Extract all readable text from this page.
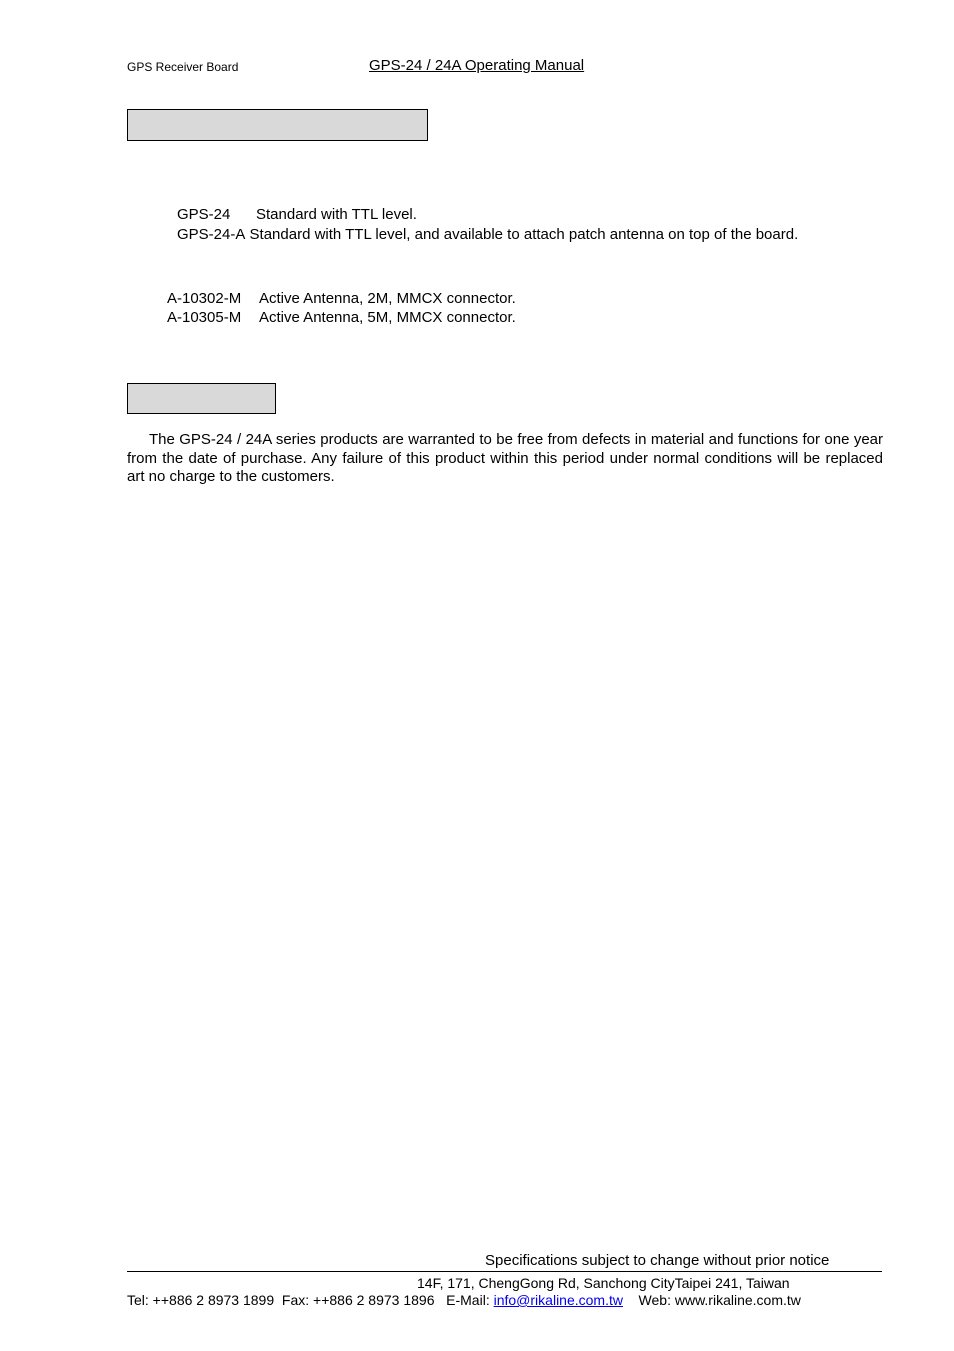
GPS Receiver Board	GPS-24 / 24A Operating Manual
GPS-24 Standard with TTL level.
GPS-24-A Standard with TTL level, and available to attach patch antenna on top of the board.
A-10302-M Active Antenna, 2M, MMCX connector.
A-10305-M Active Antenna, 5M, MMCX connector.
The GPS-24 / 24A series products are warranted to be free from defects in material and functions for one year from the date of purchase. Any failure of this product within this period under normal conditions will be replaced art no charge to the customers.
Specifications subject to change without prior notice
14F, 171, ChengGong Rd, Sanchong CityTaipei 241, Taiwan
Tel: ++886 2 8973 1899  Fax: ++886 2 8973 1896   E-Mail: info@rikaline.com.tw Web: www.rikaline.com.tw
